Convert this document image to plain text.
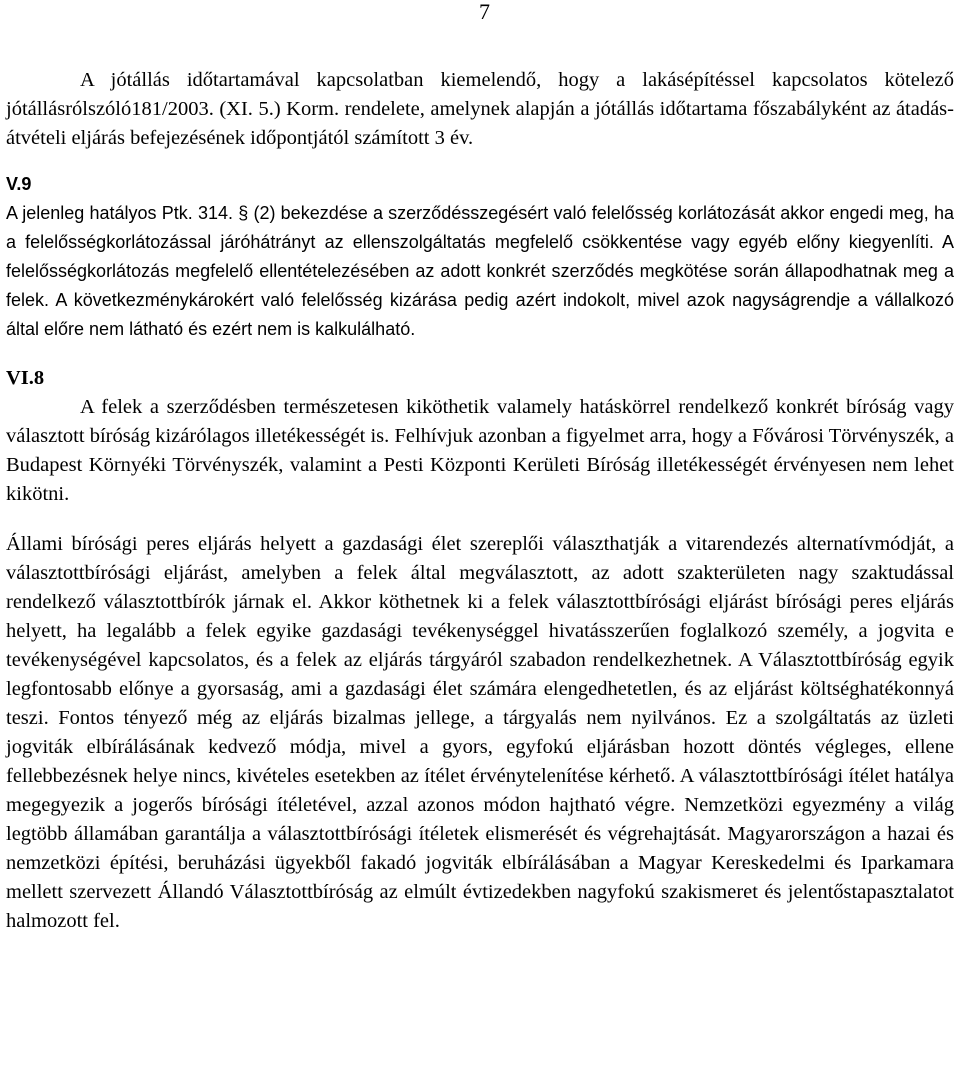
7

A jótállás időtartamával kapcsolatban kiemelendő, hogy a lakásépítéssel kapcsolatos kötelező jótállásrólszóló181/2003. (XI. 5.) Korm. rendelete, amelynek alapján a jótállás időtartama főszabályként az átadás-átvételi eljárás befejezésének időpontjától számított 3 év.

V.9

A jelenleg hatályos Ptk. 314. § (2) bekezdése a szerződésszegésért való felelősség korlátozását akkor engedi meg, ha a felelősségkorlátozással járóhátrányt az ellenszolgáltatás megfelelő csökkentése vagy egyéb előny kiegyenlíti. A felelősségkorlátozás megfelelő ellentételezésében az adott konkrét szerződés megkötése során állapodhatnak meg a felek. A következménykárokért való felelősség kizárása pedig azért indokolt, mivel azok nagyságrendje a vállalkozó által előre nem látható és ezért nem is kalkulálható.

VI.8

A felek a szerződésben természetesen kiköthetik valamely hatáskörrel rendelkező konkrét bíróság vagy választott bíróság kizárólagos illetékességét is. Felhívjuk azonban a figyelmet arra, hogy a Fővárosi Törvényszék, a Budapest Környéki Törvényszék, valamint a Pesti Központi Kerületi Bíróság illetékességét érvényesen nem lehet kikötni.

Állami bírósági peres eljárás helyett a gazdasági élet szereplői választhatják a vitarendezés alternatívmódját, a választottbírósági eljárást, amelyben a felek által megválasztott, az adott szakterületen nagy szaktudással rendelkező választottbírók járnak el. Akkor köthetnek ki a felek választottbírósági eljárást bírósági peres eljárás helyett, ha legalább a felek egyike gazdasági tevékenységgel hivatásszerűen foglalkozó személy, a jogvita e tevékenységével kapcsolatos, és a felek az eljárás tárgyáról szabadon rendelkezhetnek. A Választottbíróság egyik legfontosabb előnye a gyorsaság, ami a gazdasági élet számára elengedhetetlen, és az eljárást költséghatékonnyá teszi. Fontos tényező még az eljárás bizalmas jellege, a tárgyalás nem nyilvános. Ez a szolgáltatás az üzleti jogviták elbírálásának kedvező módja, mivel a gyors, egyfokú eljárásban hozott döntés végleges, ellene fellebbezésnek helye nincs, kivételes esetekben az ítélet érvénytelenítése kérhető. A választottbírósági ítélet hatálya megegyezik a jogerős bírósági ítéletével, azzal azonos módon hajtható végre. Nemzetközi egyezmény a világ legtöbb államában garantálja a választottbírósági ítéletek elismerését és végrehajtását. Magyarországon a hazai és nemzetközi építési, beruházási ügyekből fakadó jogviták elbírálásában a Magyar Kereskedelmi és Iparkamara mellett szervezett Állandó Választottbíróság az elmúlt évtizedekben nagyfokú szakismeret és jelentőstapasztalatot halmozott fel.
